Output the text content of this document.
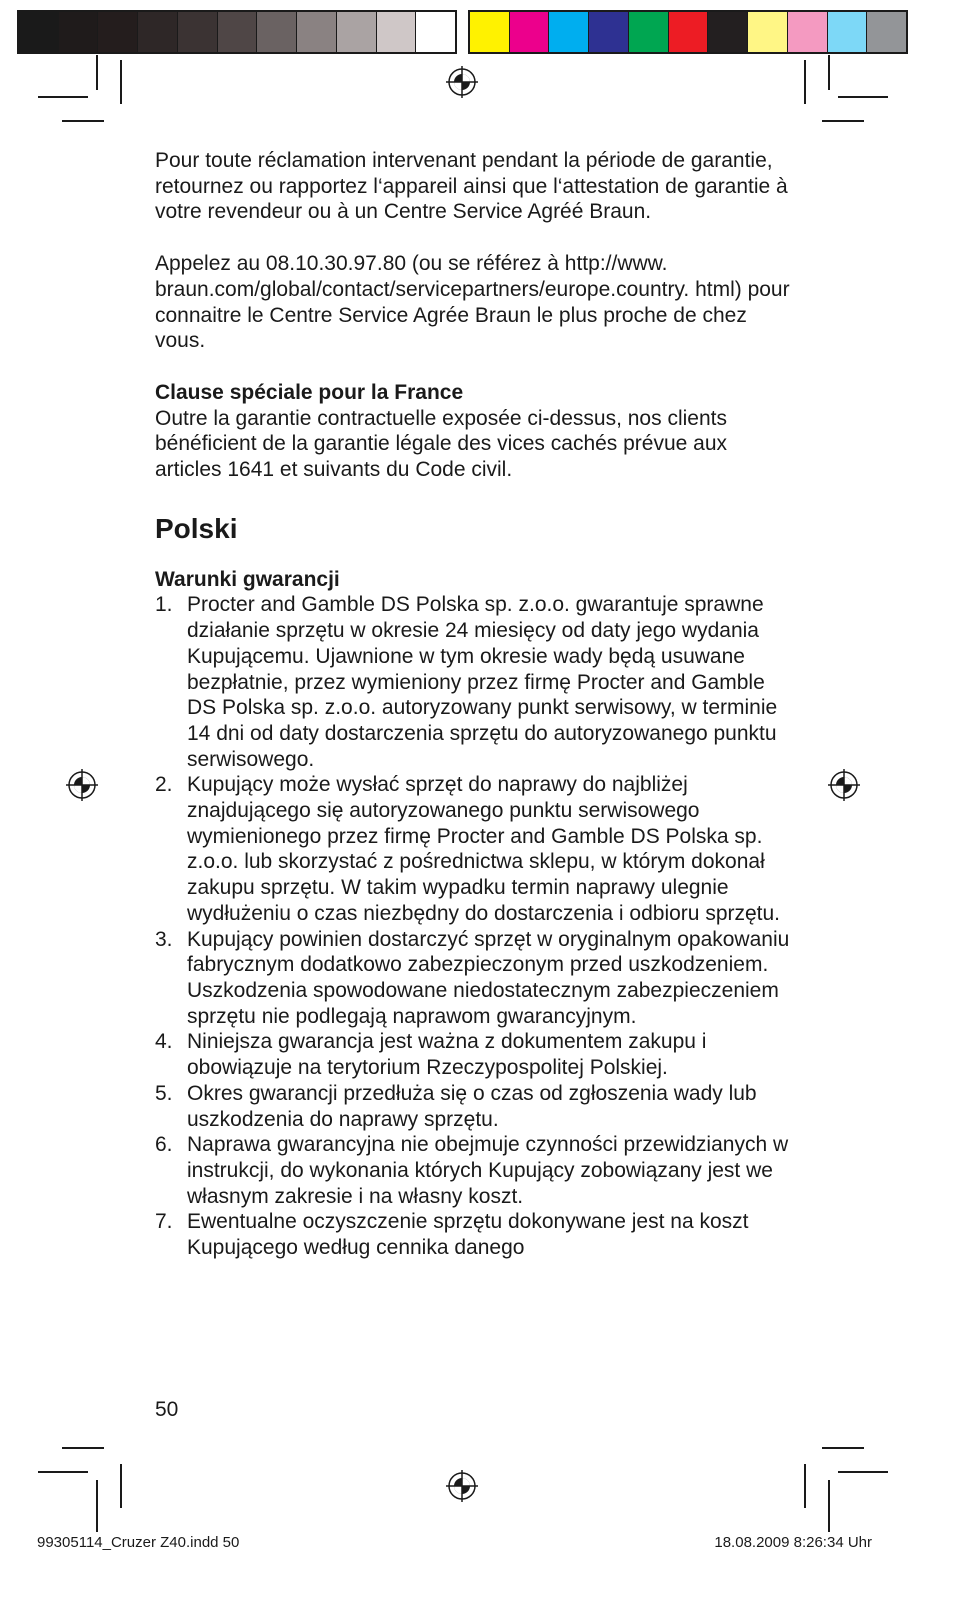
Pour toute réclamation intervenant pendant la période de garantie, retournez ou rapportez l‘appareil ainsi que l‘attestation de garantie à votre revendeur ou à un Centre Service Agréé Braun.

Appelez au 08.10.30.97.80 (ou se référez à http://www. braun.com/global/contact/servicepartners/europe.country. html) pour connaitre le Centre Service Agrée Braun le plus proche de chez vous.

Clause spéciale pour la France

Outre la garantie contractuelle exposée ci-dessus, nos clients bénéficient de la garantie légale des vices cachés prévue aux articles 1641 et suivants du Code civil.

Polski

Warunki gwarancji

1. Procter and Gamble DS Polska sp. z.o.o. gwarantuje sprawne działanie sprzętu w okresie 24 miesięcy od daty jego wydania Kupującemu. Ujawnione w tym okresie wady będą usuwane bezpłatnie, przez wymieniony przez firmę Procter and Gamble DS Polska sp. z.o.o. autoryzowany punkt serwisowy, w terminie 14 dni od daty dostarczenia sprzętu do autoryzowanego punktu serwisowego.
2. Kupujący może wysłać sprzęt do naprawy do najbliżej znajdującego się autoryzowanego punktu serwisowego wymienionego przez firmę Procter and Gamble DS Polska sp. z.o.o. lub skorzystać z pośrednictwa sklepu, w którym dokonał zakupu sprzętu. W takim wypadku termin naprawy ulegnie wydłużeniu o czas niezbędny do dostarczenia i odbioru sprzętu.
3. Kupujący powinien dostarczyć sprzęt w oryginalnym opakowaniu fabrycznym dodatkowo zabezpieczonym przed uszkodzeniem. Uszkodzenia spowodowane niedostatecznym zabezpieczeniem sprzętu nie podlegają naprawom gwarancyjnym.
4. Niniejsza gwarancja jest ważna z dokumentem zakupu i obowiązuje na terytorium Rzeczypospolitej Polskiej.
5. Okres gwarancji przedłuża się o czas od zgłoszenia wady lub uszkodzenia do naprawy sprzętu.
6. Naprawa gwarancyjna nie obejmuje czynności przewidzianych w instrukcji, do wykonania których Kupujący zobowiązany jest we własnym zakresie i na własny koszt.
7. Ewentualne oczyszczenie sprzętu dokonywane jest na koszt Kupującego według cennika danego
50
99305114_Cruzer Z40.indd 50	18.08.2009 8:26:34 Uhr
